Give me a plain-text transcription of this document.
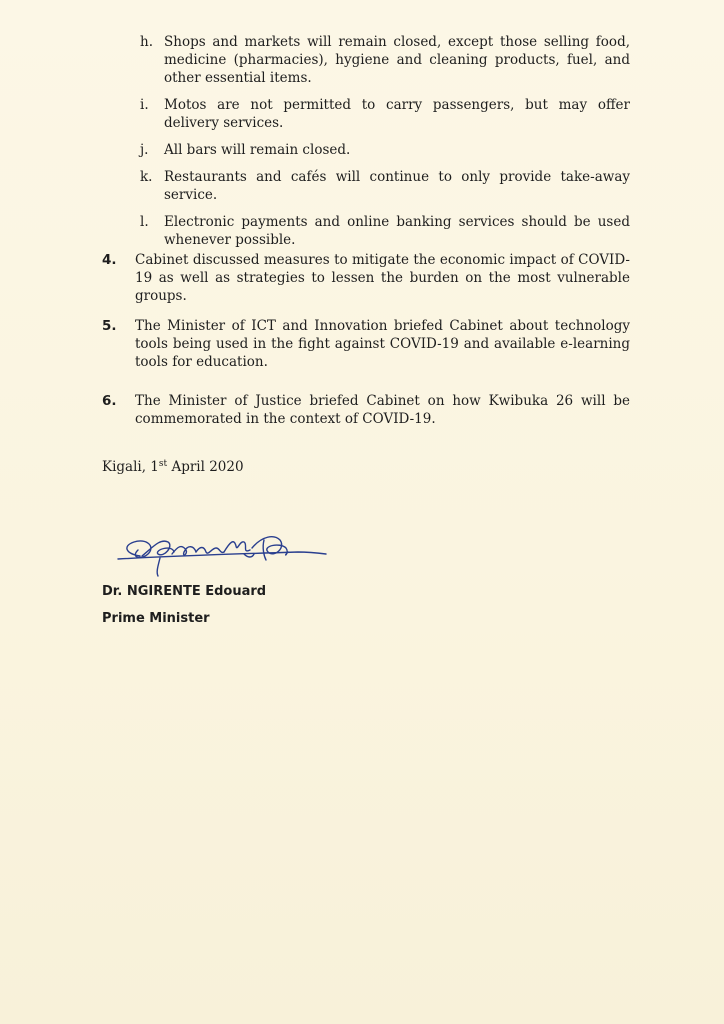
h. Shops and markets will remain closed, except those selling food, medicine (pharmacies), hygiene and cleaning products, fuel, and other essential items.
i. Motos are not permitted to carry passengers, but may offer delivery services.
j. All bars will remain closed.
k. Restaurants and cafés will continue to only provide take-away service.
l. Electronic payments and online banking services should be used whenever possible.
4. Cabinet discussed measures to mitigate the economic impact of COVID-19 as well as strategies to lessen the burden on the most vulnerable groups.
5. The Minister of ICT and Innovation briefed Cabinet about technology tools being used in the fight against COVID-19 and available e-learning tools for education.
6. The Minister of Justice briefed Cabinet on how Kwibuka 26 will be commemorated in the context of COVID-19.
Kigali, 1st April 2020
Dr. NGIRENTE Edouard
Prime Minister
